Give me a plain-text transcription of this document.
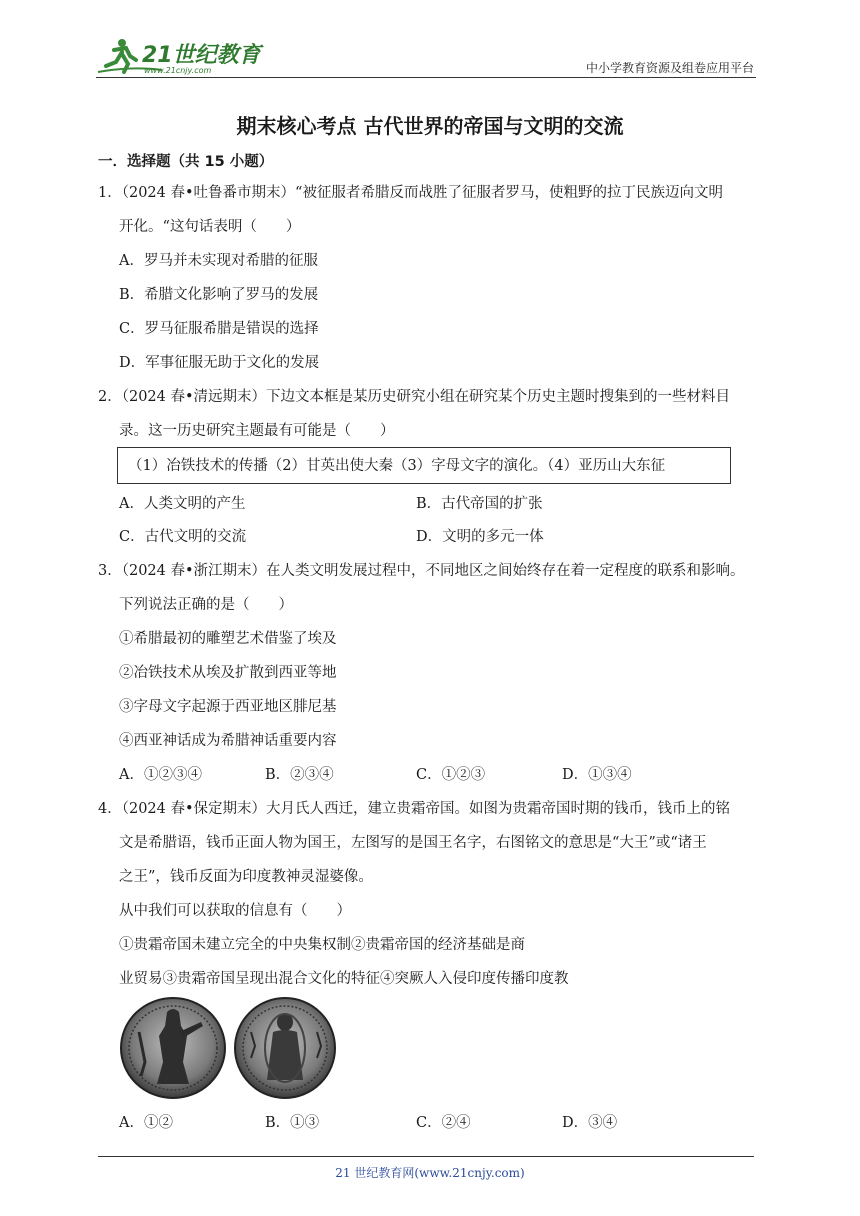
21世纪教育
www.21cnjy.com	中小学教育资源及组卷应用平台
期末核心考点 古代世界的帝国与文明的交流
一．选择题（共 15 小题）
1．（2024 春•吐鲁番市期末）“被征服者希腊反而战胜了征服者罗马，使粗野的拉丁民族迈向文明
开化。“这句话表明（　　）
A．罗马并未实现对希腊的征服
B．希腊文化影响了罗马的发展
C．罗马征服希腊是错误的选择
D．军事征服无助于文化的发展
2．（2024 春•清远期末）下边文本框是某历史研究小组在研究某个历史主题时搜集到的一些材料目
录。这一历史研究主题最有可能是（　　）
（1）冶铁技术的传播（2）甘英出使大秦（3）字母文字的演化。（4）亚历山大东征
A．人类文明的产生	B．古代帝国的扩张
C．古代文明的交流	D．文明的多元一体
3．（2024 春•浙江期末）在人类文明发展过程中，不同地区之间始终存在着一定程度的联系和影响。
下列说法正确的是（　　）
①希腊最初的雕塑艺术借鉴了埃及
②冶铁技术从埃及扩散到西亚等地
③字母文字起源于西亚地区腓尼基
④西亚神话成为希腊神话重要内容
A．①②③④	B．②③④	C．①②③	D．①③④
4．（2024 春•保定期末）大月氏人西迁，建立贵霜帝国。如图为贵霜帝国时期的钱币，钱币上的铭
文是希腊语，钱币正面人物为国王，左图写的是国王名字，右图铭文的意思是“大王”或“诸王
之王”，钱币反面为印度教神灵湿婆像。
从中我们可以获取的信息有（　　）
①贵霜帝国未建立完全的中央集权制②贵霜帝国的经济基础是商
业贸易③贵霜帝国呈现出混合文化的特征④突厥人入侵印度传播印度教
A．①②	B．①③	C．②④	D．③④
21 世纪教育网(www.21cnjy.com)
